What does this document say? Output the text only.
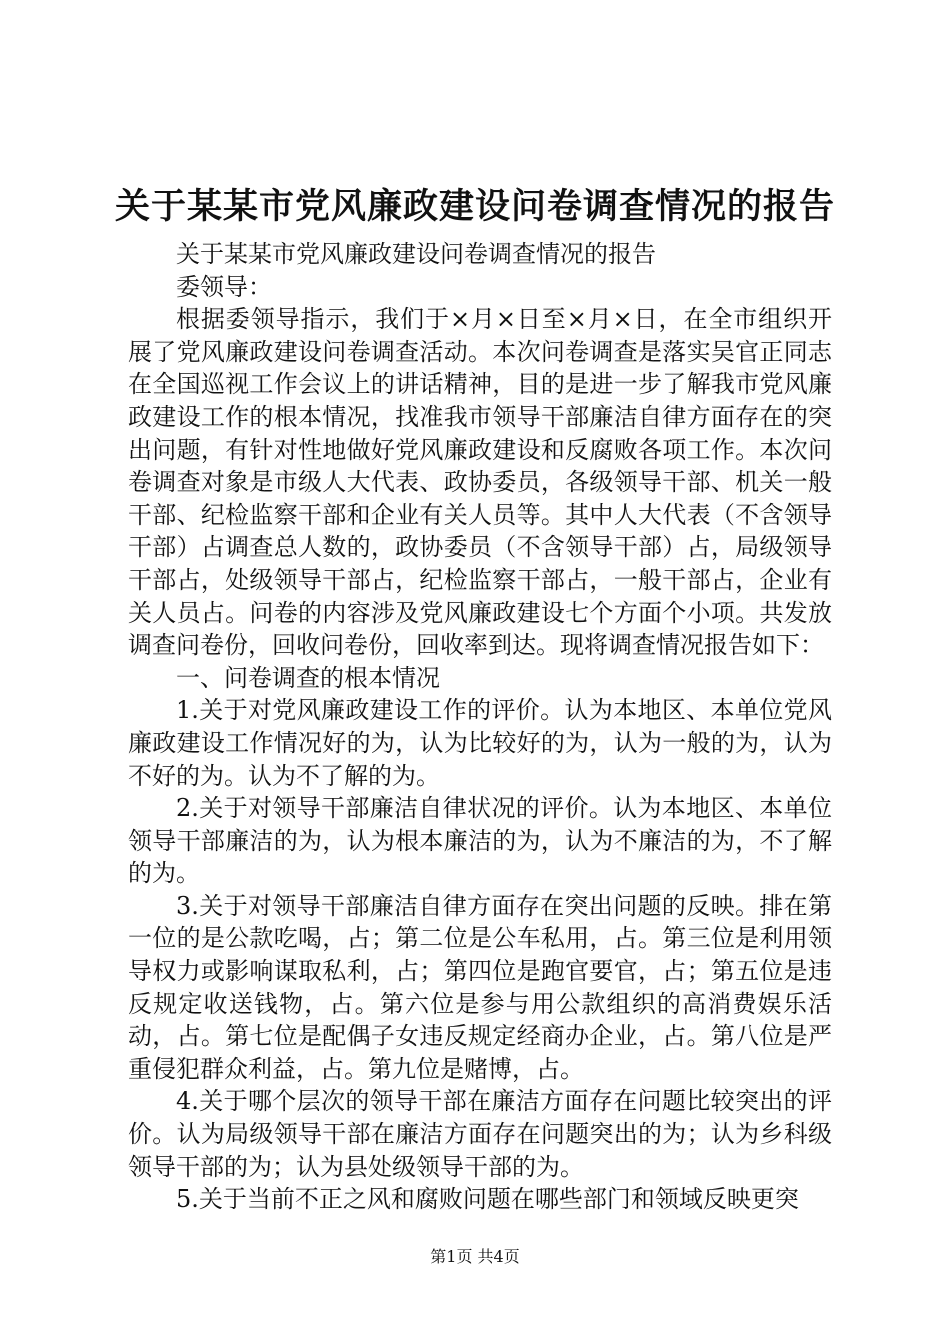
关于某某市党风廉政建设问卷调查情况的报告

关于某某市党风廉政建设问卷调查情况的报告

委领导：

根据委领导指示，我们于×月×日至×月×日，在全市组织开展了党风廉政建设问卷调查活动。本次问卷调查是落实吴官正同志在全国巡视工作会议上的讲话精神，目的是进一步了解我市党风廉政建设工作的根本情况，找准我市领导干部廉洁自律方面存在的突出问题，有针对性地做好党风廉政建设和反腐败各项工作。本次问卷调查对象是市级人大代表、政协委员，各级领导干部、机关一般干部、纪检监察干部和企业有关人员等。其中人大代表（不含领导干部）占调查总人数的，政协委员（不含领导干部）占，局级领导干部占，处级领导干部占，纪检监察干部占，一般干部占，企业有关人员占。问卷的内容涉及党风廉政建设七个方面个小项。共发放调查问卷份，回收问卷份，回收率到达。现将调查情况报告如下：

一、问卷调查的根本情况

1.关于对党风廉政建设工作的评价。认为本地区、本单位党风廉政建设工作情况好的为，认为比较好的为，认为一般的为，认为不好的为。认为不了解的为。

2.关于对领导干部廉洁自律状况的评价。认为本地区、本单位领导干部廉洁的为，认为根本廉洁的为，认为不廉洁的为，不了解的为。

3.关于对领导干部廉洁自律方面存在突出问题的反映。排在第一位的是公款吃喝，占；第二位是公车私用，占。第三位是利用领导权力或影响谋取私利，占；第四位是跑官要官，占；第五位是违反规定收送钱物，占。第六位是参与用公款组织的高消费娱乐活动，占。第七位是配偶子女违反规定经商办企业，占。第八位是严重侵犯群众利益，占。第九位是赌博，占。

4.关于哪个层次的领导干部在廉洁方面存在问题比较突出的评价。认为局级领导干部在廉洁方面存在问题突出的为；认为乡科级领导干部的为；认为县处级领导干部的为。

5.关于当前不正之风和腐败问题在哪些部门和领域反映更突

第1页 共4页
